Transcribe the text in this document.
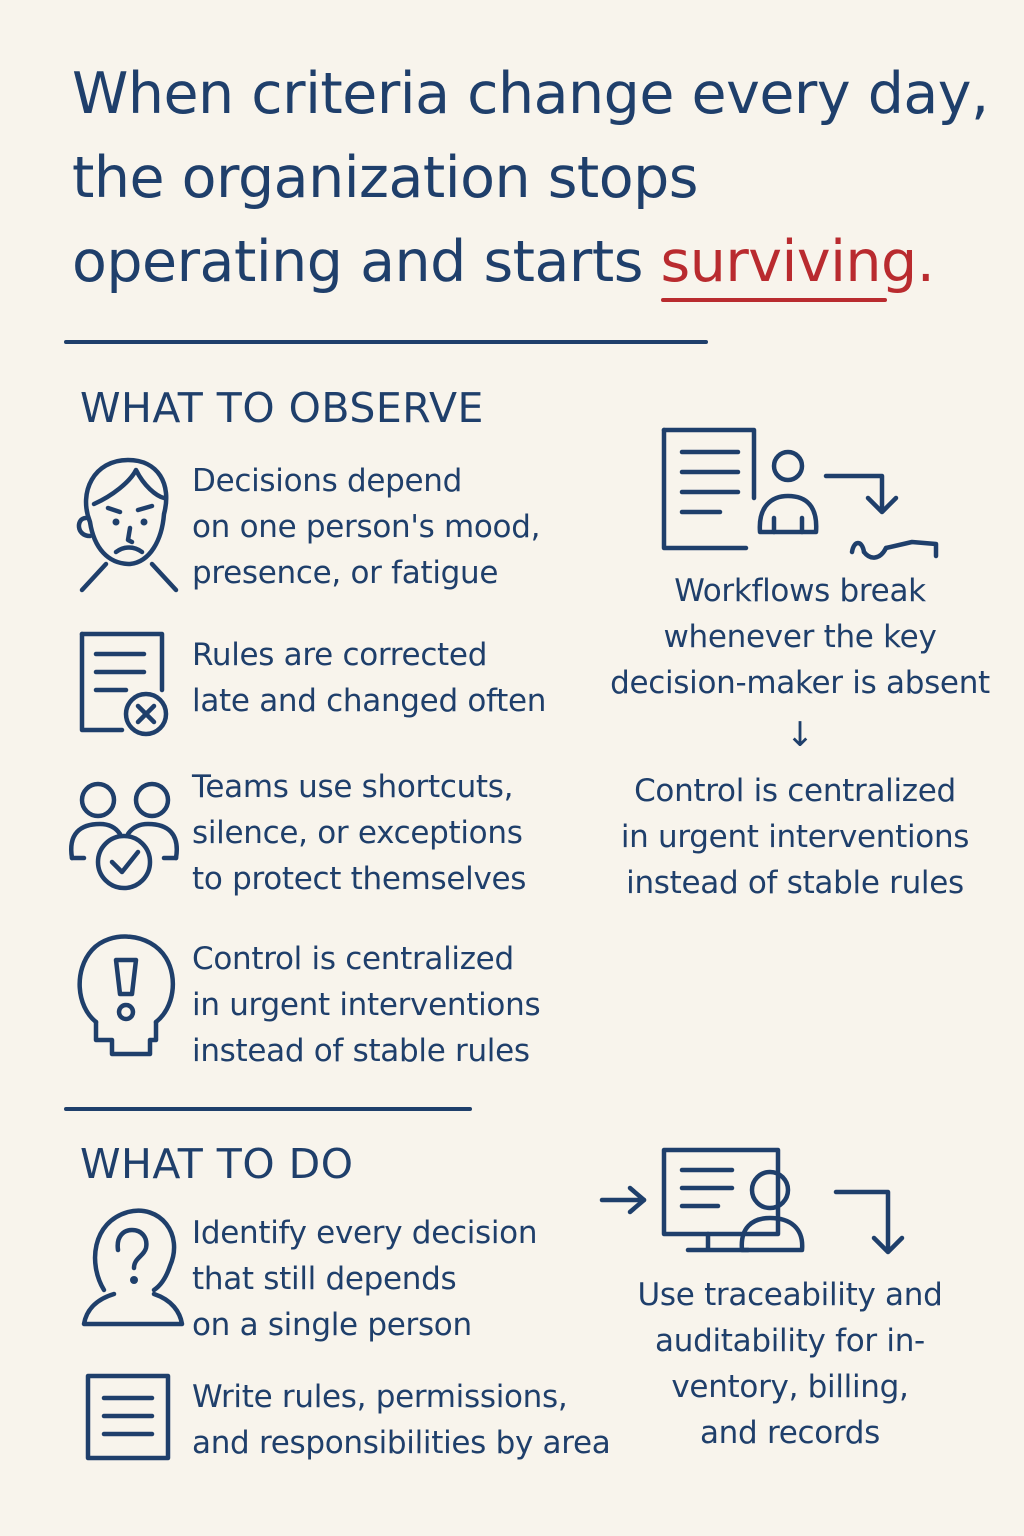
When criteria change every day,
the organization stops
operating and starts surviving.
WHAT TO OBSERVE
Decisions depend
on one person's mood,
presence, or fatigue
Rules are corrected
late and changed often
Teams use shortcuts,
silence, or exceptions
to protect themselves
Control is centralized
in urgent interventions
instead of stable rules
Workflows break
whenever the key
decision-maker is absent
↓
Control is centralized
in urgent interventions
instead of stable rules
WHAT TO DO
Identify every decision
that still depends
on a single person
Write rules, permissions,
and responsibilities by area
Use traceability and
auditability for in-
ventory, billing,
and records
